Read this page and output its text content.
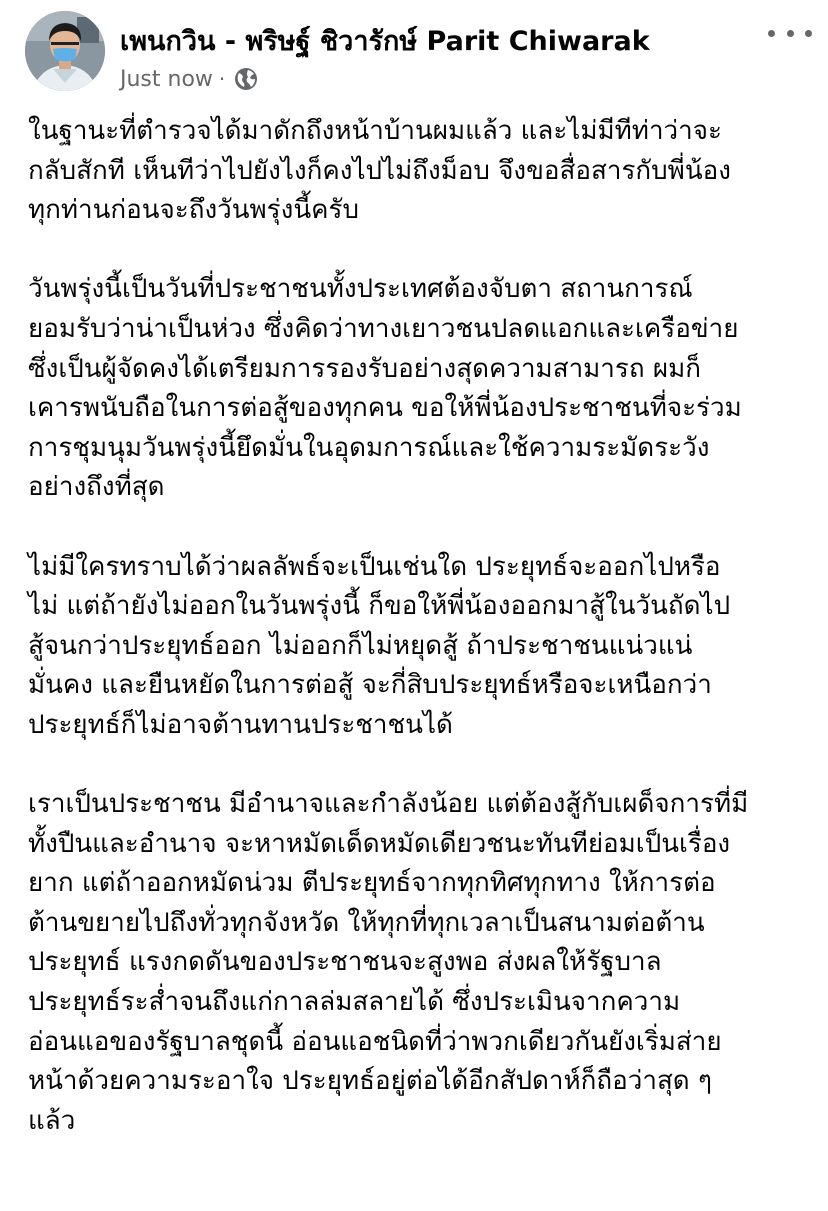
เพนกวิน - พริษฐ์ ชิวารักษ์ Parit Chiwarak
Just now ·

ในฐานะที่ตำรวจได้มาดักถึงหน้าบ้านผมแล้ว และไม่มีทีท่าว่าจะ
กลับสักที เห็นทีว่าไปยังไงก็คงไปไม่ถึงม็อบ จึงขอสื่อสารกับพี่น้อง
ทุกท่านก่อนจะถึงวันพรุ่งนี้ครับ

วันพรุ่งนี้เป็นวันที่ประชาชนทั้งประเทศต้องจับตา สถานการณ์
ยอมรับว่าน่าเป็นห่วง ซึ่งคิดว่าทางเยาวชนปลดแอกและเครือข่าย
ซึ่งเป็นผู้จัดคงได้เตรียมการรองรับอย่างสุดความสามารถ ผมก็
เคารพนับถือในการต่อสู้ของทุกคน ขอให้พี่น้องประชาชนที่จะร่วม
การชุมนุมวันพรุ่งนี้ยึดมั่นในอุดมการณ์และใช้ความระมัดระวัง
อย่างถึงที่สุด

ไม่มีใครทราบได้ว่าผลลัพธ์จะเป็นเช่นใด ประยุทธ์จะออกไปหรือ
ไม่ แต่ถ้ายังไม่ออกในวันพรุ่งนี้ ก็ขอให้พี่น้องออกมาสู้ในวันถัดไป
สู้จนกว่าประยุทธ์ออก ไม่ออกก็ไม่หยุดสู้ ถ้าประชาชนแน่วแน่
มั่นคง และยืนหยัดในการต่อสู้ จะกี่สิบประยุทธ์หรือจะเหนือกว่า
ประยุทธ์ก็ไม่อาจต้านทานประชาชนได้

เราเป็นประชาชน มีอำนาจและกำลังน้อย แต่ต้องสู้กับเผด็จการที่มี
ทั้งปืนและอำนาจ จะหาหมัดเด็ดหมัดเดียวชนะทันทีย่อมเป็นเรื่อง
ยาก แต่ถ้าออกหมัดน่วม ตีประยุทธ์จากทุกทิศทุกทาง ให้การต่อ
ต้านขยายไปถึงทั่วทุกจังหวัด ให้ทุกที่ทุกเวลาเป็นสนามต่อต้าน
ประยุทธ์ แรงกดดันของประชาชนจะสูงพอ ส่งผลให้รัฐบาล
ประยุทธ์ระส่ำจนถึงแก่กาลล่มสลายได้ ซึ่งประเมินจากความ
อ่อนแอของรัฐบาลชุดนี้ อ่อนแอชนิดที่ว่าพวกเดียวกันยังเริ่มส่าย
หน้าด้วยความระอาใจ ประยุทธ์อยู่ต่อได้อีกสัปดาห์ก็ถือว่าสุด ๆ
แล้ว
